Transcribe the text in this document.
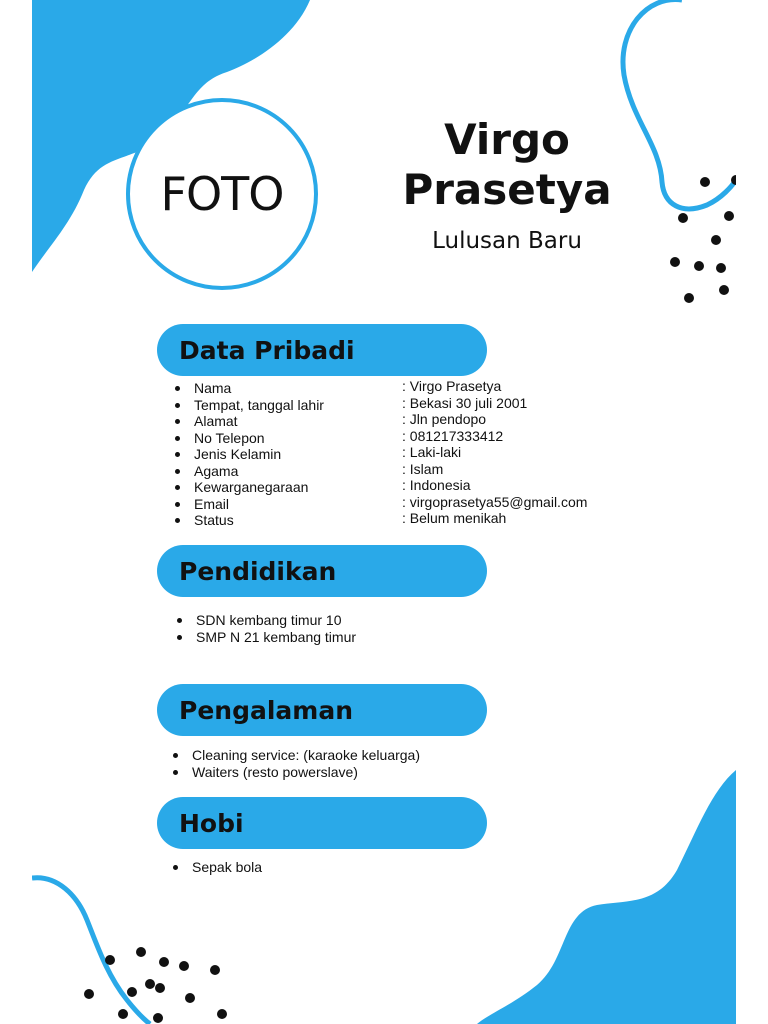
FOTO
Virgo Prasetya
Lulusan Baru
Data Pribadi
Nama
Tempat, tanggal lahir
Alamat
No Telepon
Jenis Kelamin
Agama
Kewarganegaraan
Email
Status
: Virgo Prasetya
: Bekasi 30 juli 2001
: Jln pendopo
: 081217333412
: Laki-laki
: Islam
: Indonesia
: virgoprasetya55@gmail.com
: Belum menikah
Pendidikan
SDN kembang timur 10
SMP N 21 kembang timur
Pengalaman
Cleaning service: (karaoke keluarga)
Waiters (resto powerslave)
Hobi
Sepak bola
